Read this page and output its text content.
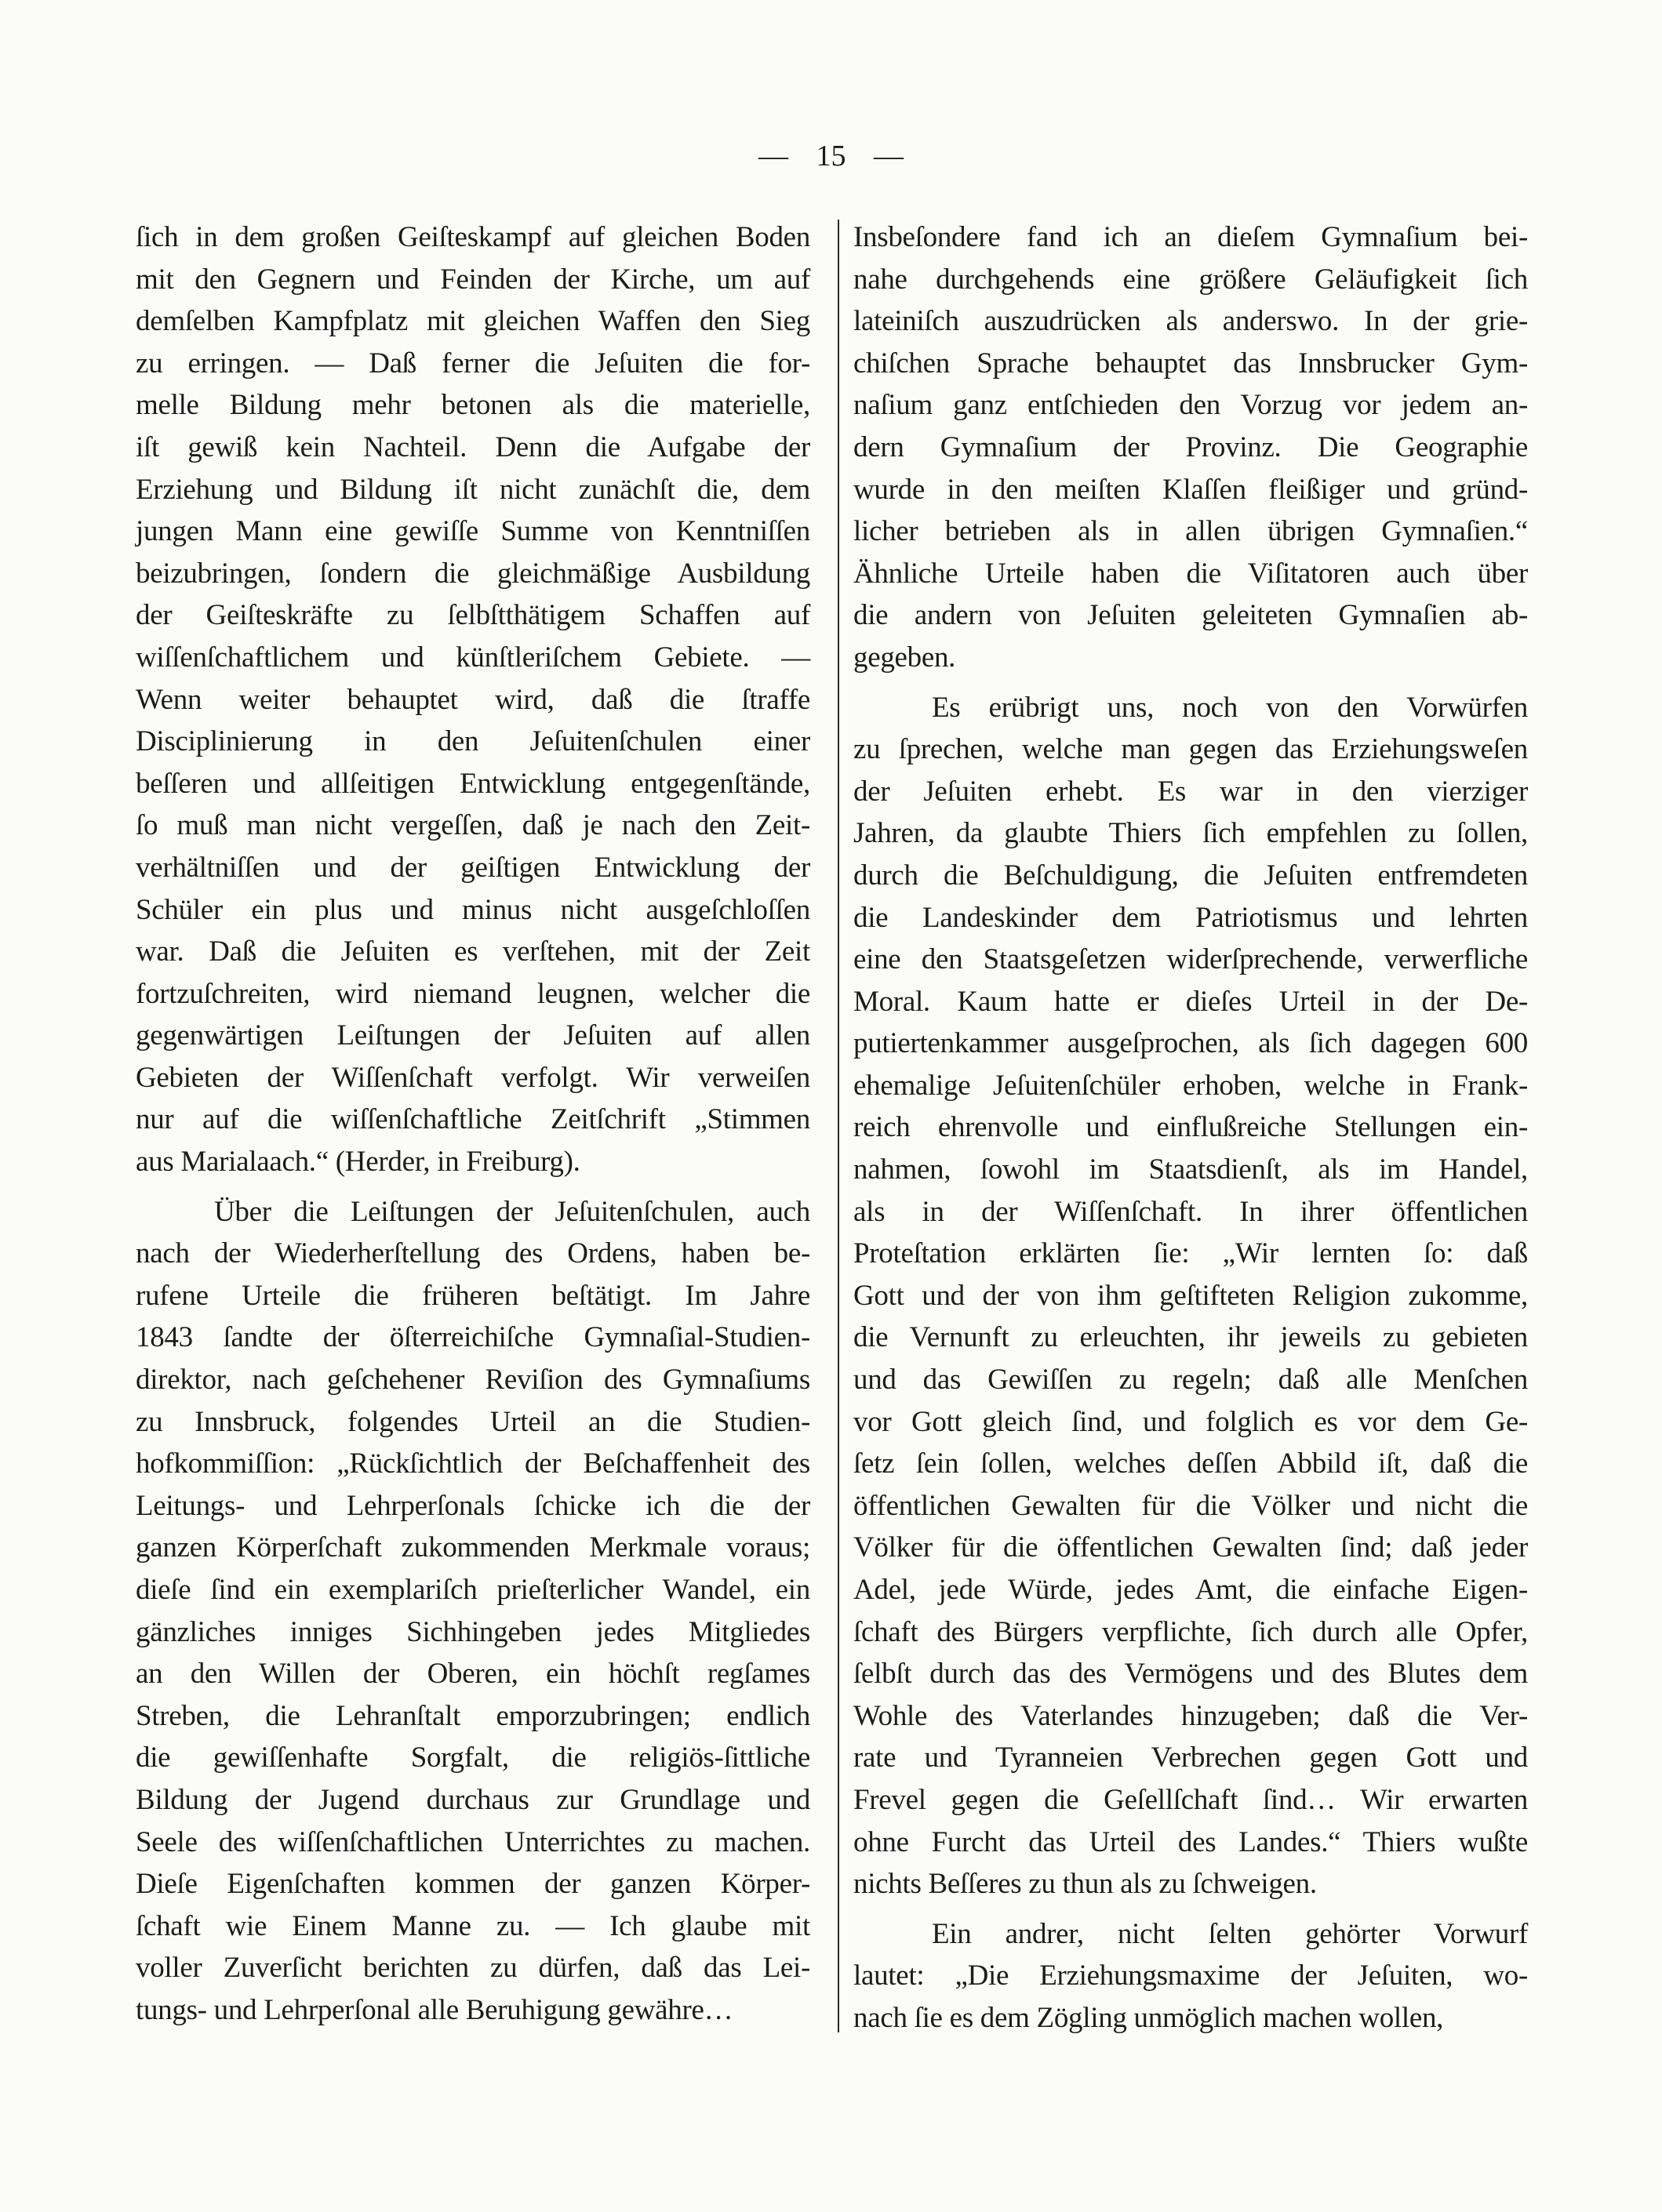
— 15 —
ſich in dem großen Geiſteskampf auf gleichen Boden
mit den Gegnern und Feinden der Kirche, um auf
demſelben Kampfplatz mit gleichen Waffen den Sieg
zu erringen. — Daß ferner die Jeſuiten die for-
melle Bildung mehr betonen als die materielle,
iſt gewiß kein Nachteil. Denn die Aufgabe der
Erziehung und Bildung iſt nicht zunächſt die, dem
jungen Mann eine gewiſſe Summe von Kenntniſſen
beizubringen, ſondern die gleichmäßige Ausbildung
der Geiſteskräfte zu ſelbſtthätigem Schaffen auf
wiſſenſchaftlichem und künſtleriſchem Gebiete. —
Wenn weiter behauptet wird, daß die ſtraffe
Disciplinierung in den Jeſuitenſchulen einer
beſſeren und allſeitigen Entwicklung entgegenſtände,
ſo muß man nicht vergeſſen, daß je nach den Zeit-
verhältniſſen und der geiſtigen Entwicklung der
Schüler ein plus und minus nicht ausgeſchloſſen
war. Daß die Jeſuiten es verſtehen, mit der Zeit
fortzuſchreiten, wird niemand leugnen, welcher die
gegenwärtigen Leiſtungen der Jeſuiten auf allen
Gebieten der Wiſſenſchaft verfolgt. Wir verweiſen
nur auf die wiſſenſchaftliche Zeitſchrift „Stimmen
aus Marialaach.“ (Herder, in Freiburg).
Über die Leiſtungen der Jeſuitenſchulen, auch
nach der Wiederherſtellung des Ordens, haben be-
rufene Urteile die früheren beſtätigt. Im Jahre
1843 ſandte der öſterreichiſche Gymnaſial-Studien-
direktor, nach geſchehener Reviſion des Gymnaſiums
zu Innsbruck, folgendes Urteil an die Studien-
hofkommiſſion: „Rückſichtlich der Beſchaffenheit des
Leitungs- und Lehrperſonals ſchicke ich die der
ganzen Körperſchaft zukommenden Merkmale voraus;
dieſe ſind ein exemplariſch prieſterlicher Wandel, ein
gänzliches inniges Sichhingeben jedes Mitgliedes
an den Willen der Oberen, ein höchſt regſames
Streben, die Lehranſtalt emporzubringen; endlich
die gewiſſenhafte Sorgfalt, die religiös-ſittliche
Bildung der Jugend durchaus zur Grundlage und
Seele des wiſſenſchaftlichen Unterrichtes zu machen.
Dieſe Eigenſchaften kommen der ganzen Körper-
ſchaft wie Einem Manne zu. — Ich glaube mit
voller Zuverſicht berichten zu dürfen, daß das Lei-
tungs- und Lehrperſonal alle Beruhigung gewähre…
Insbeſondere fand ich an dieſem Gymnaſium bei-
nahe durchgehends eine größere Geläufigkeit ſich
lateiniſch auszudrücken als anderswo. In der grie-
chiſchen Sprache behauptet das Innsbrucker Gym-
naſium ganz entſchieden den Vorzug vor jedem an-
dern Gymnaſium der Provinz. Die Geographie
wurde in den meiſten Klaſſen fleißiger und gründ-
licher betrieben als in allen übrigen Gymnaſien.“
Ähnliche Urteile haben die Viſitatoren auch über
die andern von Jeſuiten geleiteten Gymnaſien ab-
gegeben.
Es erübrigt uns, noch von den Vorwürfen
zu ſprechen, welche man gegen das Erziehungsweſen
der Jeſuiten erhebt. Es war in den vierziger
Jahren, da glaubte Thiers ſich empfehlen zu ſollen,
durch die Beſchuldigung, die Jeſuiten entfremdeten
die Landeskinder dem Patriotismus und lehrten
eine den Staatsgeſetzen widerſprechende, verwerfliche
Moral. Kaum hatte er dieſes Urteil in der De-
putiertenkammer ausgeſprochen, als ſich dagegen 600
ehemalige Jeſuitenſchüler erhoben, welche in Frank-
reich ehrenvolle und einflußreiche Stellungen ein-
nahmen, ſowohl im Staatsdienſt, als im Handel,
als in der Wiſſenſchaft. In ihrer öffentlichen
Proteſtation erklärten ſie: „Wir lernten ſo: daß
Gott und der von ihm geſtifteten Religion zukomme,
die Vernunft zu erleuchten, ihr jeweils zu gebieten
und das Gewiſſen zu regeln; daß alle Menſchen
vor Gott gleich ſind, und folglich es vor dem Ge-
ſetz ſein ſollen, welches deſſen Abbild iſt, daß die
öffentlichen Gewalten für die Völker und nicht die
Völker für die öffentlichen Gewalten ſind; daß jeder
Adel, jede Würde, jedes Amt, die einfache Eigen-
ſchaft des Bürgers verpflichte, ſich durch alle Opfer,
ſelbſt durch das des Vermögens und des Blutes dem
Wohle des Vaterlandes hinzugeben; daß die Ver-
rate und Tyranneien Verbrechen gegen Gott und
Frevel gegen die Geſellſchaft ſind… Wir erwarten
ohne Furcht das Urteil des Landes.“ Thiers wußte
nichts Beſſeres zu thun als zu ſchweigen.
Ein andrer, nicht ſelten gehörter Vorwurf
lautet: „Die Erziehungsmaxime der Jeſuiten, wo-
nach ſie es dem Zögling unmöglich machen wollen,
